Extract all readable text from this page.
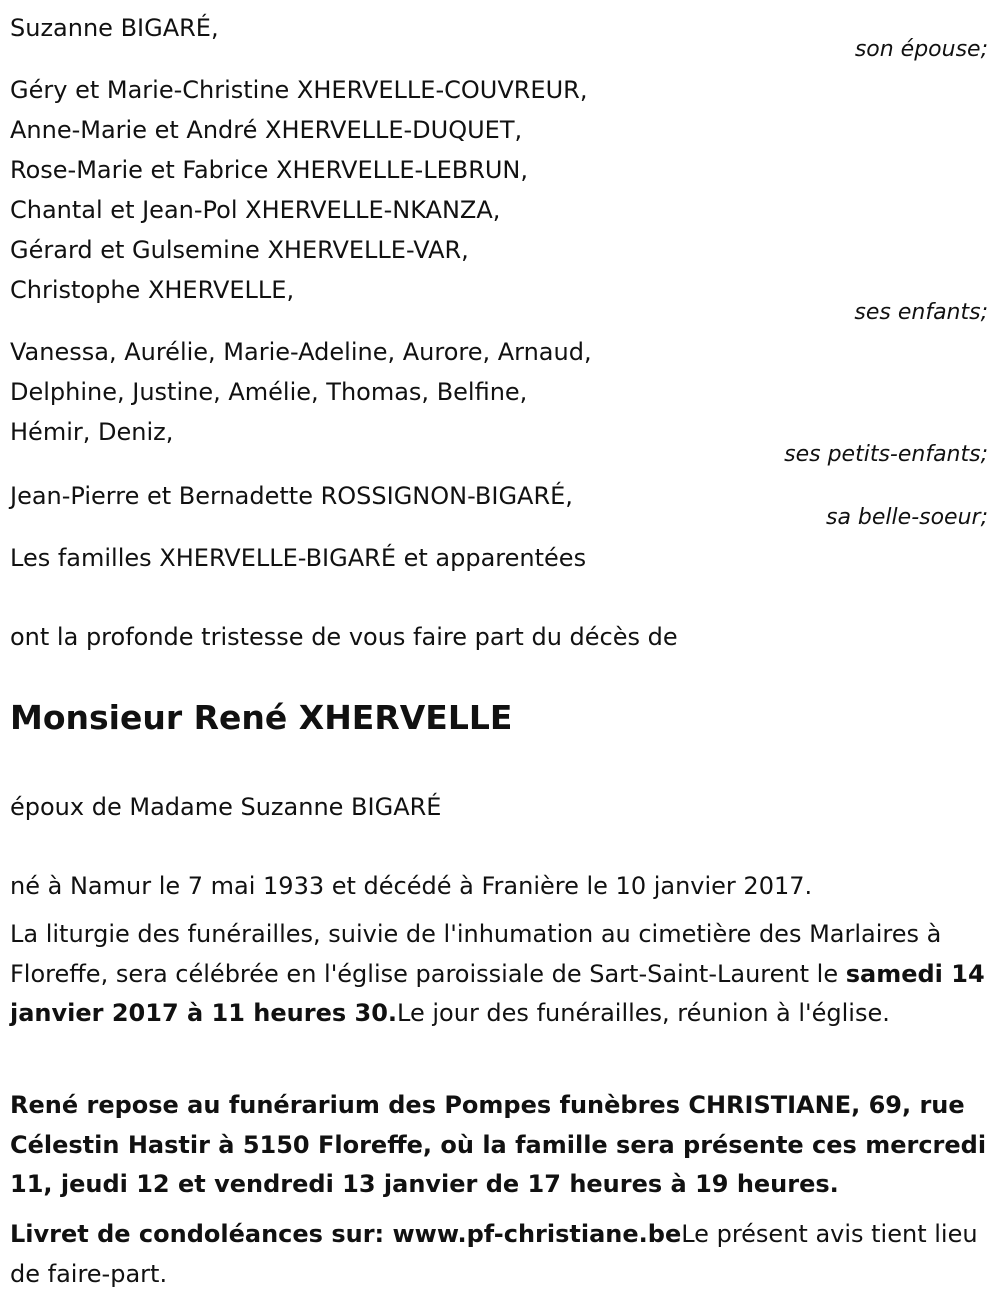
Suzanne BIGARÉ,
son épouse;
Géry et Marie-Christine XHERVELLE-COUVREUR,
Anne-Marie et André XHERVELLE-DUQUET,
Rose-Marie et Fabrice XHERVELLE-LEBRUN,
Chantal et Jean-Pol XHERVELLE-NKANZA,
Gérard et Gulsemine XHERVELLE-VAR,
Christophe XHERVELLE,
ses enfants;
Vanessa, Aurélie, Marie-Adeline, Aurore, Arnaud,
Delphine, Justine, Amélie, Thomas, Belfine,
Hémir, Deniz,
ses petits-enfants;
Jean-Pierre et Bernadette ROSSIGNON-BIGARÉ,
sa belle-soeur;
Les familles XHERVELLE-BIGARÉ et apparentées
ont la profonde tristesse de vous faire part du décès de
Monsieur René XHERVELLE
époux de Madame Suzanne BIGARÉ
né à Namur le 7 mai 1933 et décédé à Franière le 10 janvier 2017.
La liturgie des funérailles, suivie de l'inhumation au cimetière des Marlaires à Floreffe, sera célébrée en l'église paroissiale de Sart-Saint-Laurent le samedi 14 janvier 2017 à 11 heures 30.Le jour des funérailles, réunion à l'église.
René repose au funérarium des Pompes funèbres CHRISTIANE, 69, rue Célestin Hastir à 5150 Floreffe, où la famille sera présente ces mercredi 11, jeudi 12 et vendredi 13 janvier de 17 heures à 19 heures.
Livret de condoléances sur: www.pf-christiane.beLe présent avis tient lieu de faire-part.
